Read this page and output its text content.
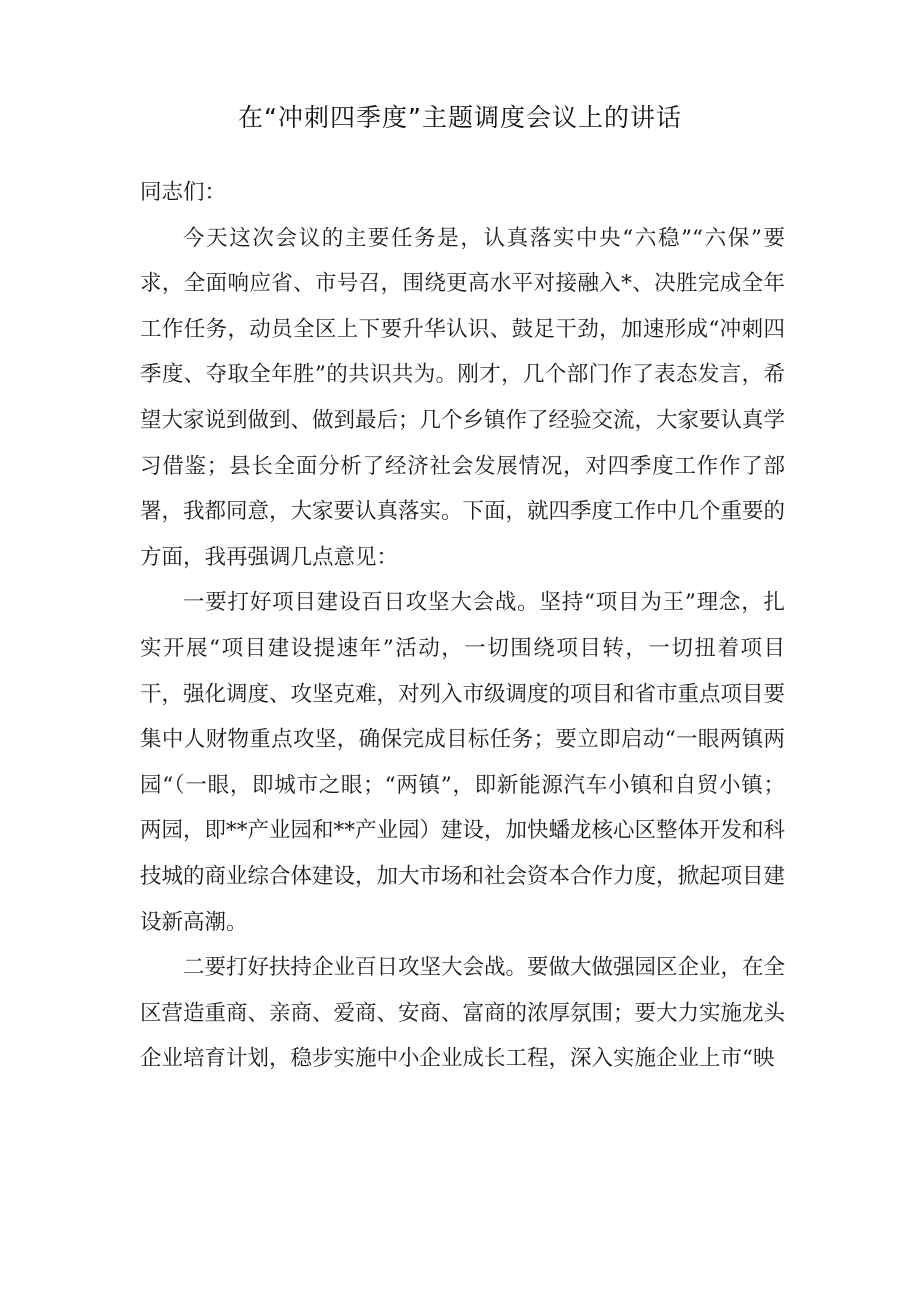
在“冲刺四季度”主题调度会议上的讲话

同志们：

今天这次会议的主要任务是，认真落实中央“六稳”“六保”要求，全面响应省、市号召，围绕更高水平对接融入*、决胜完成全年工作任务，动员全区上下要升华认识、鼓足干劲，加速形成“冲刺四季度、夺取全年胜”的共识共为。刚才，几个部门作了表态发言，希望大家说到做到、做到最后；几个乡镇作了经验交流，大家要认真学习借鉴；县长全面分析了经济社会发展情况，对四季度工作作了部署，我都同意，大家要认真落实。下面，就四季度工作中几个重要的方面，我再强调几点意见：

一要打好项目建设百日攻坚大会战。坚持“项目为王”理念，扎实开展“项目建设提速年”活动，一切围绕项目转，一切扭着项目干，强化调度、攻坚克难，对列入市级调度的项目和省市重点项目要集中人财物重点攻坚，确保完成目标任务；要立即启动“一眼两镇两园“（一眼，即城市之眼；“两镇”，即新能源汽车小镇和自贸小镇；两园，即**产业园和**产业园）建设，加快蟠龙核心区整体开发和科技城的商业综合体建设，加大市场和社会资本合作力度，掀起项目建设新高潮。

二要打好扶持企业百日攻坚大会战。要做大做强园区企业，在全区营造重商、亲商、爱商、安商、富商的浓厚氛围；要大力实施龙头企业培育计划，稳步实施中小企业成长工程，深入实施企业上市“映
